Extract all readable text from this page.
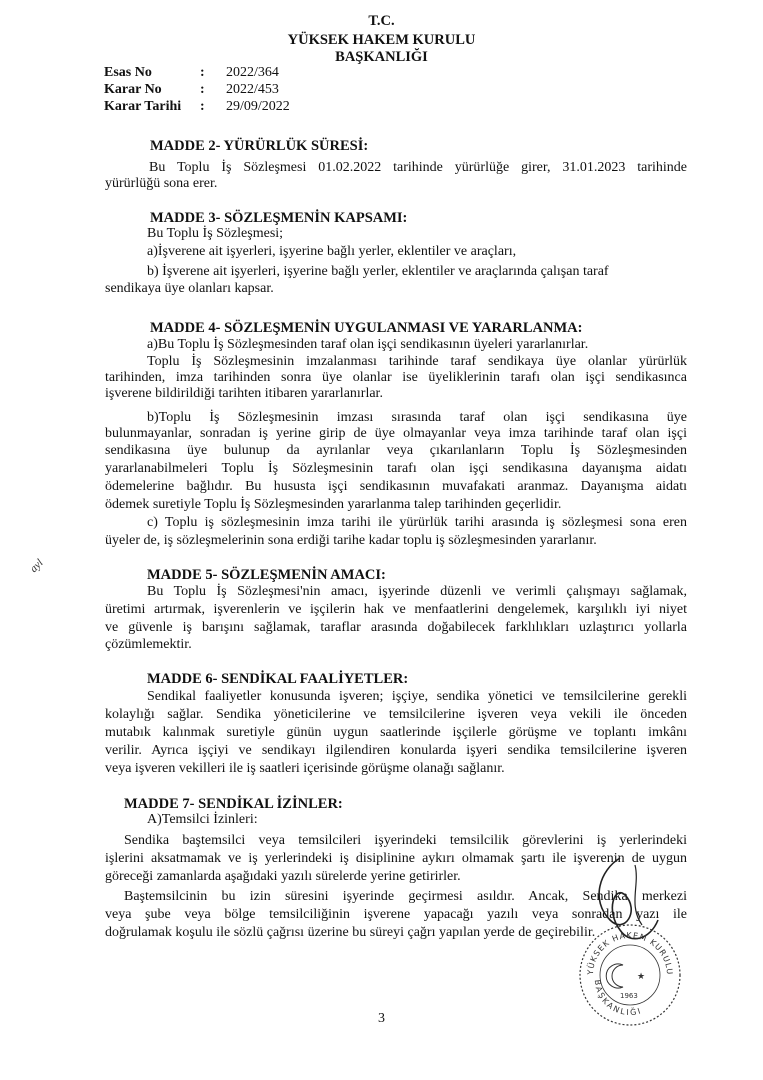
T.C.
YÜKSEK HAKEM KURULU
BAŞKANLIĞI
Esas No	:	2022/364
Karar No	:	2022/453
Karar Tarihi	:	29/09/2022
MADDE 2- YÜRÜRLÜK SÜRESİ:
Bu Toplu İş Sözleşmesi 01.02.2022 tarihinde yürürlüğe girer, 31.01.2023 tarihinde
yürürlüğü sona erer.
MADDE 3- SÖZLEŞMENİN KAPSAMI:
Bu Toplu İş Sözleşmesi;
a)İşverene ait işyerleri, işyerine bağlı yerler, eklentiler ve araçları,
b) İşverene ait işyerleri, işyerine bağlı yerler, eklentiler ve araçlarında çalışan taraf
sendikaya üye olanları kapsar.
MADDE 4- SÖZLEŞMENİN UYGULANMASI VE YARARLANMA:
a)Bu Toplu İş Sözleşmesinden taraf olan işçi sendikasının üyeleri yararlanırlar.
Toplu İş Sözleşmesinin imzalanması tarihinde taraf sendikaya üye olanlar yürürlük
tarihinden, imza tarihinden sonra üye olanlar ise üyeliklerinin tarafı olan işçi sendikasınca
işverene bildirildiği tarihten itibaren yararlanırlar.
b)Toplu İş Sözleşmesinin imzası sırasında taraf olan işçi sendikasına üye
bulunmayanlar, sonradan iş yerine girip de üye olmayanlar veya imza tarihinde taraf olan işçi
sendikasına üye bulunup da ayrılanlar veya çıkarılanların Toplu İş Sözleşmesinden
yararlanabilmeleri Toplu İş Sözleşmesinin tarafı olan işçi sendikasına dayanışma aidatı
ödemelerine bağlıdır. Bu hususta işçi sendikasının muvafakati aranmaz. Dayanışma aidatı
ödemek suretiyle Toplu İş Sözleşmesinden yararlanma talep tarihinden geçerlidir.
c) Toplu iş sözleşmesinin imza tarihi ile yürürlük tarihi arasında iş sözleşmesi sona eren
üyeler de, iş sözleşmelerinin sona erdiği tarihe kadar toplu iş sözleşmesinden yararlanır.
ayl
MADDE 5- SÖZLEŞMENİN AMACI:
Bu Toplu İş Sözleşmesi'nin amacı, işyerinde düzenli ve verimli çalışmayı sağlamak,
üretimi artırmak, işverenlerin ve işçilerin hak ve menfaatlerini dengelemek, karşılıklı iyi niyet
ve güvenle iş barışını sağlamak, taraflar arasında doğabilecek farklılıkları uzlaştırıcı yollarla
çözümlemektir.
MADDE 6- SENDİKAL FAALİYETLER:
Sendikal faaliyetler konusunda işveren; işçiye, sendika yönetici ve temsilcilerine gerekli
kolaylığı sağlar. Sendika yöneticilerine ve temsilcilerine işveren veya vekili ile önceden
mutabık kalınmak suretiyle günün uygun saatlerinde işçilerle görüşme ve toplantı imkânı
verilir. Ayrıca işçiyi ve sendikayı ilgilendiren konularda işyeri sendika temsilcilerine işveren
veya işveren vekilleri ile iş saatleri içerisinde görüşme olanağı sağlanır.
MADDE 7- SENDİKAL İZİNLER:
A)Temsilci İzinleri:
Sendika baştemsilci veya temsilcileri işyerindeki temsilcilik görevlerini iş yerlerindeki
işlerini aksatmamak ve iş yerlerindeki iş disiplinine aykırı olmamak şartı ile işverenin de uygun
göreceği zamanlarda aşağıdaki yazılı sürelerde yerine getirirler.
Baştemsilcinin bu izin süresini işyerinde geçirmesi asıldır. Ancak, Sendika merkezi
veya şube veya bölge temsilciliğinin işverene yapacağı yazılı veya sonradan yazı ile
doğrulamak koşulu ile sözlü çağrısı üzerine bu süreyi çağrı yapılan yerde de geçirebilir.
YÜKSEK HAKEM KURULU
BAŞKANLIĞI
★
1963
3
